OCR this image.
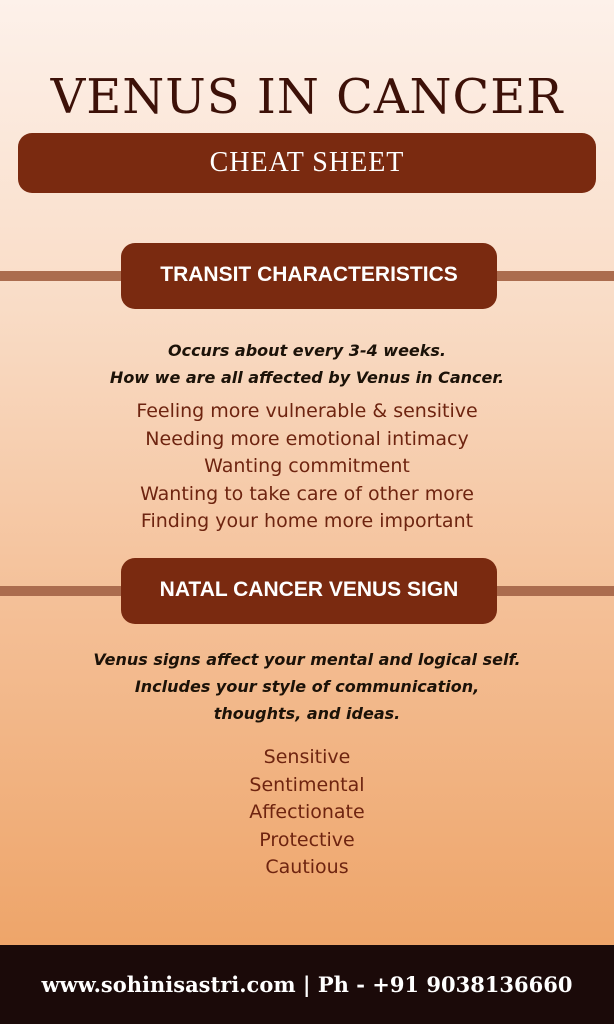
VENUS IN CANCER
CHEAT SHEET
TRANSIT CHARACTERISTICS
Occurs about every 3-4 weeks.
How we are all affected by Venus in Cancer.
Feeling more vulnerable & sensitive
Needing more emotional intimacy
Wanting commitment
Wanting to take care of other more
Finding your home more important
NATAL CANCER VENUS SIGN
Venus signs affect your mental and logical self.
Includes your style of communication,
thoughts, and ideas.
Sensitive
Sentimental
Affectionate
Protective
Cautious
www.sohinisastri.com | Ph - +91 9038136660
